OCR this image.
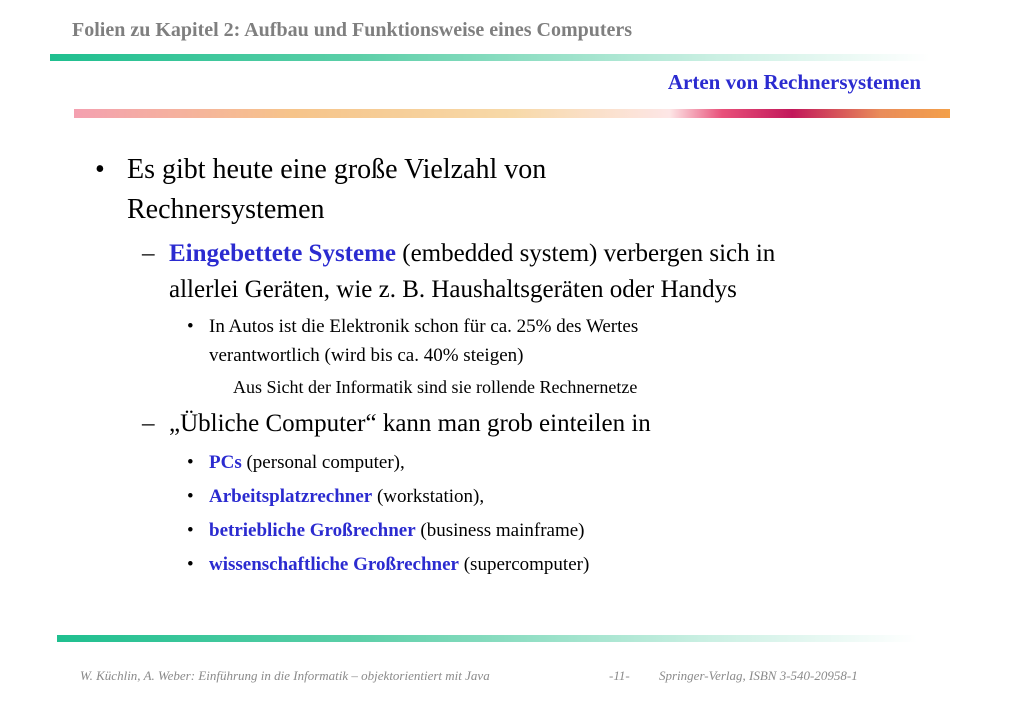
Folien zu Kapitel 2: Aufbau und Funktionsweise eines Computers
Arten von Rechnersystemen
• Es gibt heute eine große Vielzahl von
Rechnersystemen
– Eingebettete Systeme (embedded system) verbergen sich in
allerlei Geräten, wie z. B. Haushaltsgeräten oder Handys
• In Autos ist die Elektronik schon für ca. 25% des Wertes
verantwortlich (wird bis ca. 40% steigen)
Aus Sicht der Informatik sind sie rollende Rechnernetze
– „Übliche Computer“ kann man grob einteilen in
• PCs (personal computer),
• Arbeitsplatzrechner (workstation),
• betriebliche Großrechner (business mainframe)
• wissenschaftliche Großrechner (supercomputer)
W. Küchlin, A. Weber: Einführung in die Informatik – objektorientiert mit Java	-11- Springer-Verlag, ISBN 3-540-20958-1
